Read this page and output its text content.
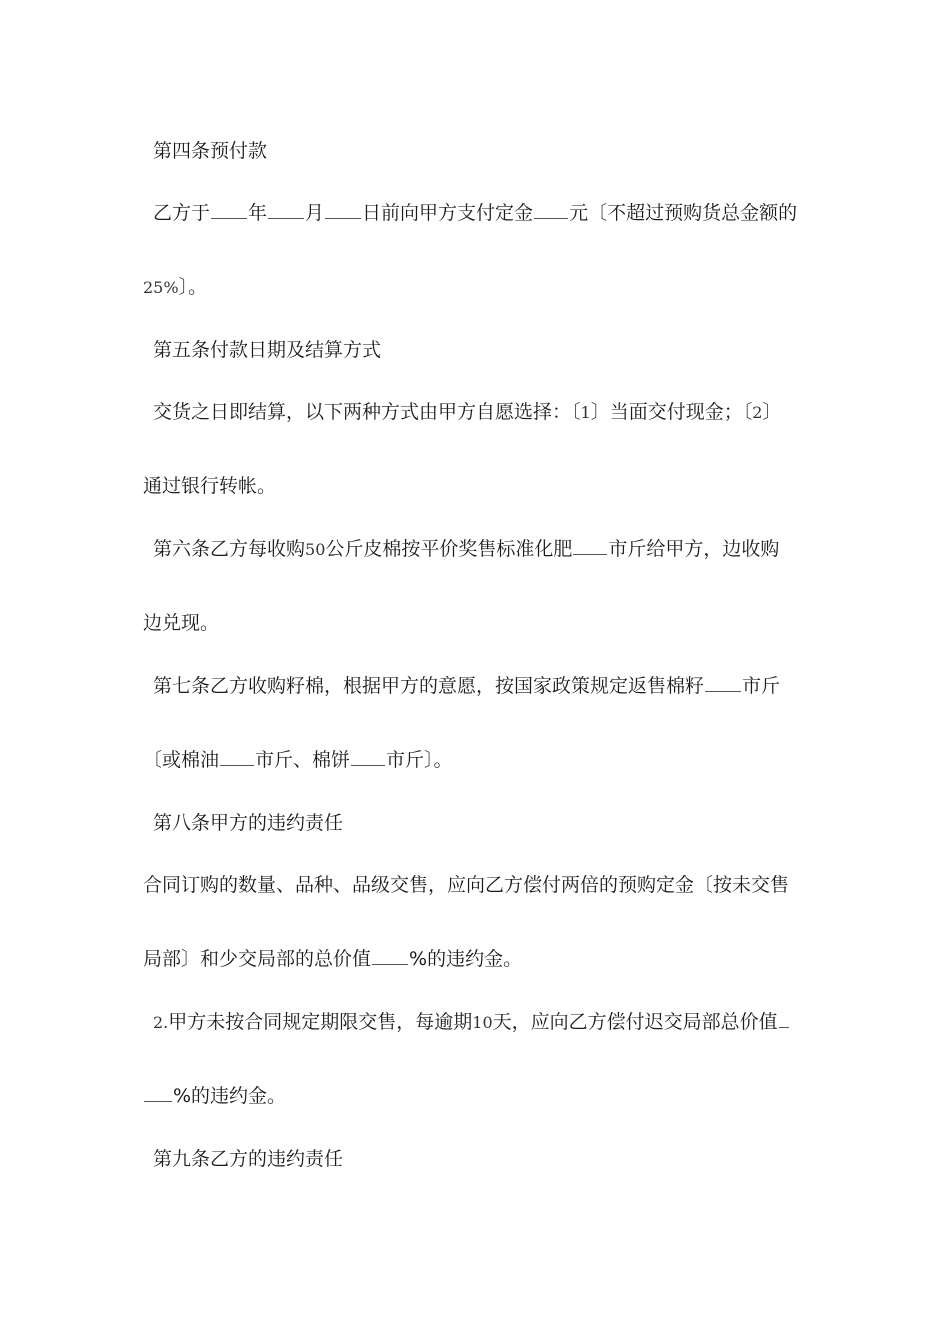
第四条预付款
乙方于 年 月 日前向甲方支付定金 元〔不超过预购货总金额的
25%〕。
第五条付款日期及结算方式
交货之日即结算，以下两种方式由甲方自愿选择：〔1〕当面交付现金；〔2〕
通过银行转帐。
第六条乙方每收购50公斤皮棉按平价奖售标准化肥 市斤给甲方，边收购
边兑现。
第七条乙方收购籽棉，根据甲方的意愿，按国家政策规定返售棉籽 市斤
〔或棉油 市斤、棉饼 市斤〕。
第八条甲方的违约责任
合同订购的数量、品种、品级交售，应向乙方偿付两倍的预购定金〔按未交售
局部〕和少交局部的总价值 %的违约金。
2.甲方未按合同规定期限交售，每逾期10天，应向乙方偿付迟交局部总价值
%的违约金。
第九条乙方的违约责任
